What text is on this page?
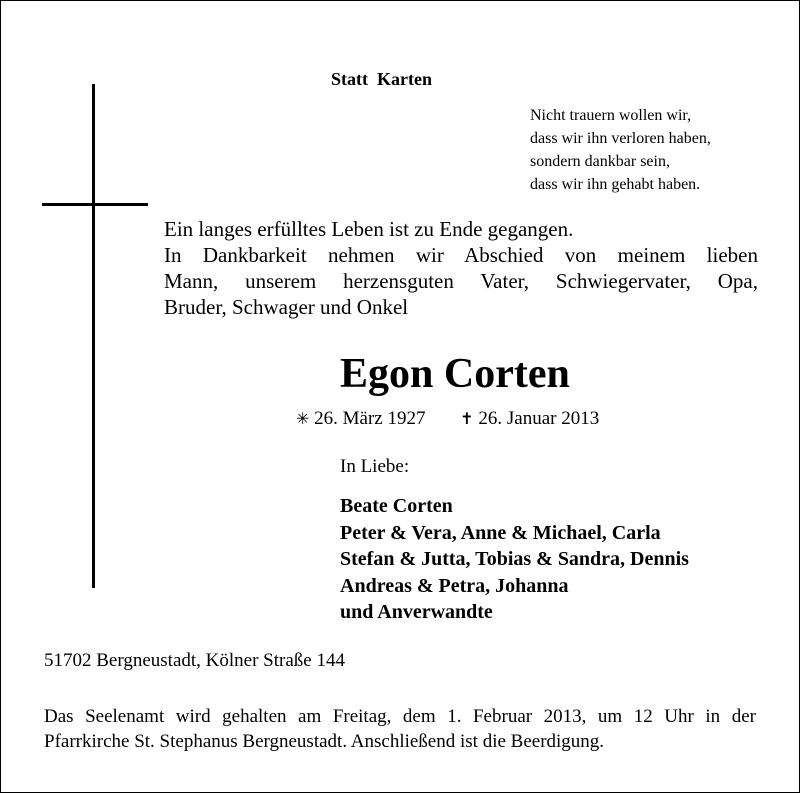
Statt  Karten
Nicht trauern wollen wir,
dass wir ihn verloren haben,
sondern dankbar sein,
dass wir ihn gehabt haben.
Ein langes erfülltes Leben ist zu Ende gegangen.
In Dankbarkeit nehmen wir Abschied von meinem lieben
Mann, unserem herzensguten Vater, Schwiegervater, Opa,
Bruder, Schwager und Onkel
Egon Corten
✳ 26. März 1927 ✝ 26. Januar 2013
In Liebe:
Beate Corten
Peter & Vera, Anne & Michael, Carla
Stefan & Jutta, Tobias & Sandra, Dennis
Andreas & Petra, Johanna
und Anverwandte
51702 Bergneustadt, Kölner Straße 144
Das Seelenamt wird gehalten am Freitag, dem 1. Februar 2013, um 12 Uhr in der
Pfarrkirche St. Stephanus Bergneustadt. Anschließend ist die Beerdigung.
